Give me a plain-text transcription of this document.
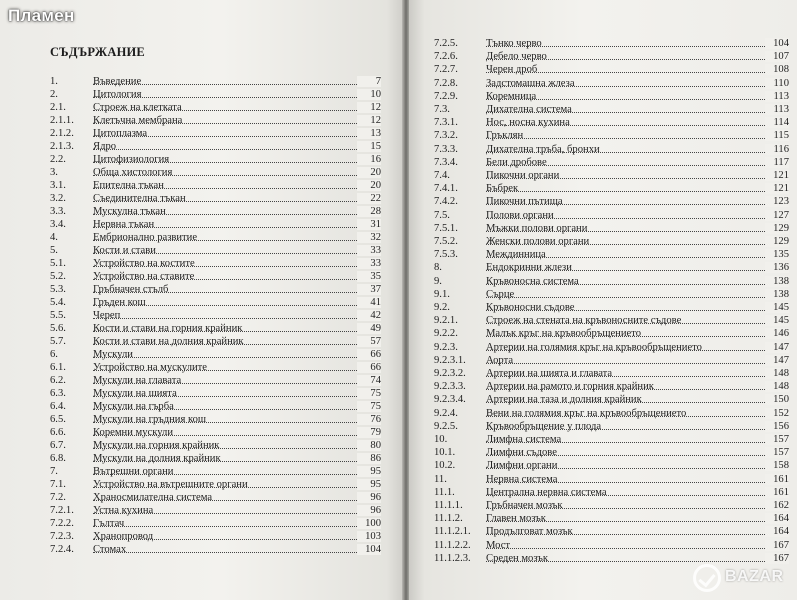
СЪДЪРЖАНИЕ
1.	Въведение	7
2.	Цитология	10
2.1.	Строеж на клетката	12
2.1.1. Клетъчна мембрана	12
2.1.2. Цитоплазма	13
2.1.3. Ядро	15
2.2.	Цитофизиология	16
3.	Обща хистология	20
3.1.	Епителна тъкан	20
3.2.	Съединителна тъкан	22
3.3.	Мускулна тъкан	28
3.4.	Нервна тъкан	31
4.	Ембрионално развитие	32
5.	Кости и стави	33
5.1.	Устройство на костите	33
5.2.	Устройство на ставите	35
5.3.	Гръбначен стълб	37
5.4.	Гръден кош	41
5.5.	Череп	42
5.6.	Кости и стави на горния крайник	49
5.7.	Кости и стави на долния крайник	57
6.	Мускули	66
6.1.	Устройство на мускулите	66
6.2.	Мускули на главата	74
6.3.	Мускули на шията	75
6.4.	Мускули на гърба	75
6.5.	Мускули на гръдния кош	76
6.6.	Коремни мускули	79
6.7.	Мускули на горния крайник	80
6.8.	Мускули на долния крайник	86
7.	Вътрешни органи	95
7.1.	Устройство на вътрешните органи	95
7.2.	Храносмилателна система	96
7.2.1. Устна кухина	96
7.2.2. Гълтач	100
7.2.3. Хранопровод	103
7.2.4. Стомах	104
7.2.5.	Тънко черво	104
7.2.6.	Дебело черво	107
7.2.7.	Черен дроб	108
7.2.8.	Задстомашна жлеза	110
7.2.9.	Коремница	113
7.3.	Дихателна система	113
7.3.1.	Нос, носна кухина	114
7.3.2.	Гръклян	115
7.3.3.	Дихателна тръба, бронхи	116
7.3.4.	Бели дробове	117
7.4.	Пикочни органи	121
7.4.1.	Бъбрек	121
7.4.2.	Пикочни пътища	123
7.5.	Полови органи	127
7.5.1.	Мъжки полови органи	129
7.5.2.	Женски полови органи	129
7.5.3.	Междинница	135
8.	Ендокринни жлези	136
9.	Кръвоносна система	138
9.1.	Сърце	138
9.2.	Кръвоносни съдове	145
9.2.1.	Строеж на стената на кръвоносните съдове	145
9.2.2.	Малък кръг на кръвообръщението	146
9.2.3.	Артерии на голямия кръг на кръвообръщението	147
9.2.3.1. Аорта	147
9.2.3.2. Артерии на шията и главата	148
9.2.3.3. Артерии на рамото и горния крайник	148
9.2.3.4. Артерии на таза и долния крайник	150
9.2.4.	Вени на голямия кръг на кръвообръщението	152
9.2.5.	Кръвообръщение у плода	156
10.	Лимфна система	157
10.1.	Лимфни съдове	157
10.2.	Лимфни органи	158
11.	Нервна система	161
11.1.	Централна нервна система	161
11.1.1. Гръбначен мозък	162
11.1.2. Главен мозък	164
11.1.2.1. Продълговат мозък	164
11.1.2.2. Мост	167
11.1.2.3. Среден мозък	167
Пламен
BAZAR
